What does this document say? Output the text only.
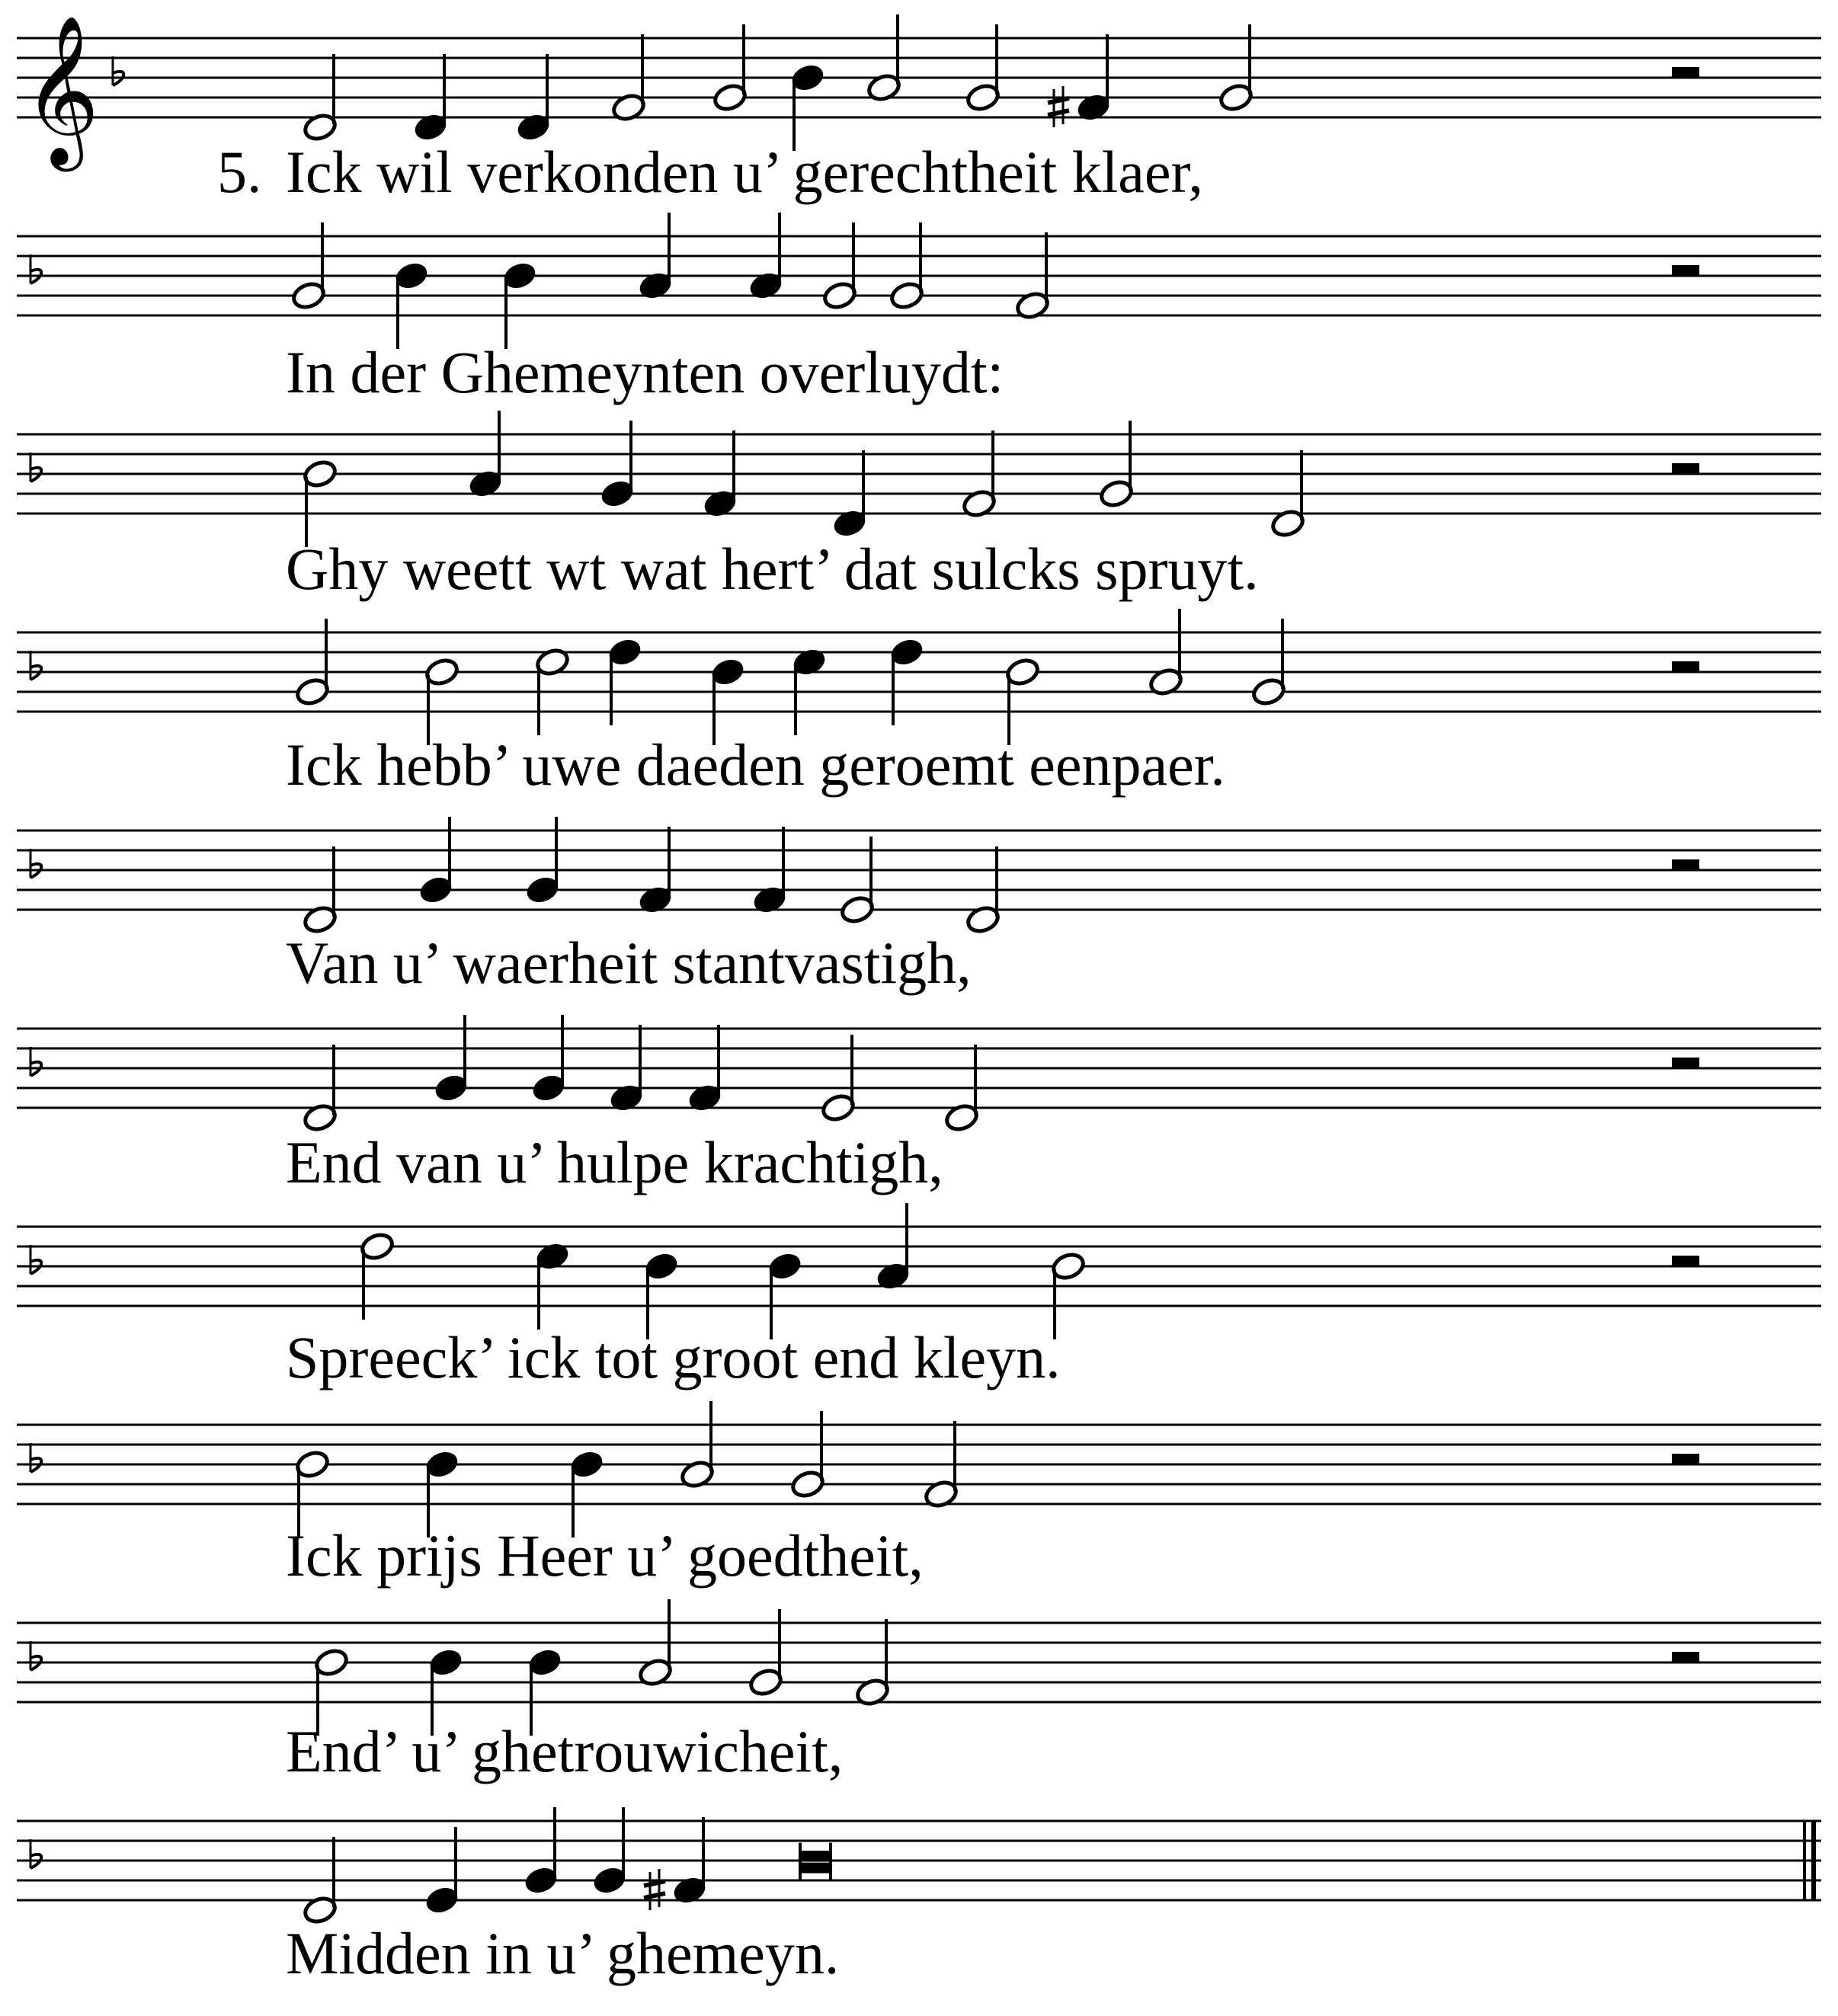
𝄞
5. Ick wil verkonden u’ gerechtheit klaer,
In der Ghemeynten overluydt:
Ghy weett wt wat hert’ dat sulcks spruyt.
Ick hebb’ uwe daeden geroemt eenpaer.
Van u’ waerheit stantvastigh,
End van u’ hulpe krachtigh,
Spreeck’ ick tot groot end kleyn.
Ick prijs Heer u’ goedtheit,
End’ u’ ghetrouwicheit,
Midden in u’ ghemeyn.
